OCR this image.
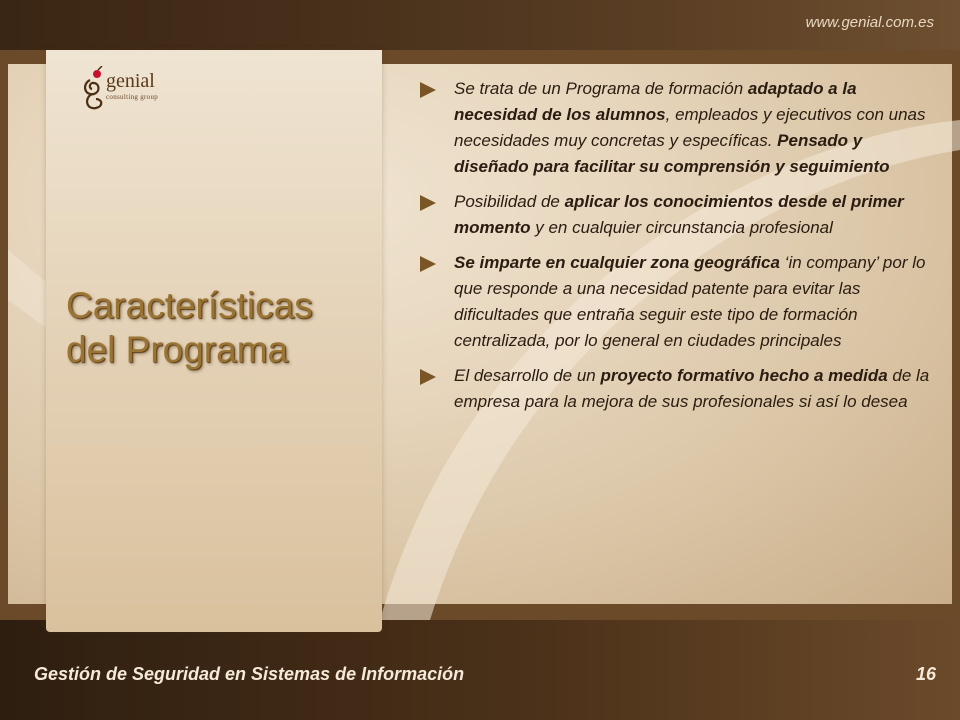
www.genial.com.es
genial
consulting group
Características
del Programa
Se trata de un Programa de formación adaptado a la necesidad de los alumnos, empleados y ejecutivos con unas necesidades muy concretas y específicas. Pensado y diseñado para facilitar su comprensión y seguimiento
Posibilidad de aplicar los conocimientos desde el primer momento y en cualquier circunstancia profesional
Se imparte en cualquier zona geográfica ‘in company’ por lo que responde a una necesidad patente para evitar las dificultades que entraña seguir este tipo de formación centralizada, por lo general en ciudades principales
El desarrollo de un proyecto formativo hecho a medida de la empresa para la mejora de sus profesionales si así lo desea
Gestión de Seguridad en Sistemas de Información	16
